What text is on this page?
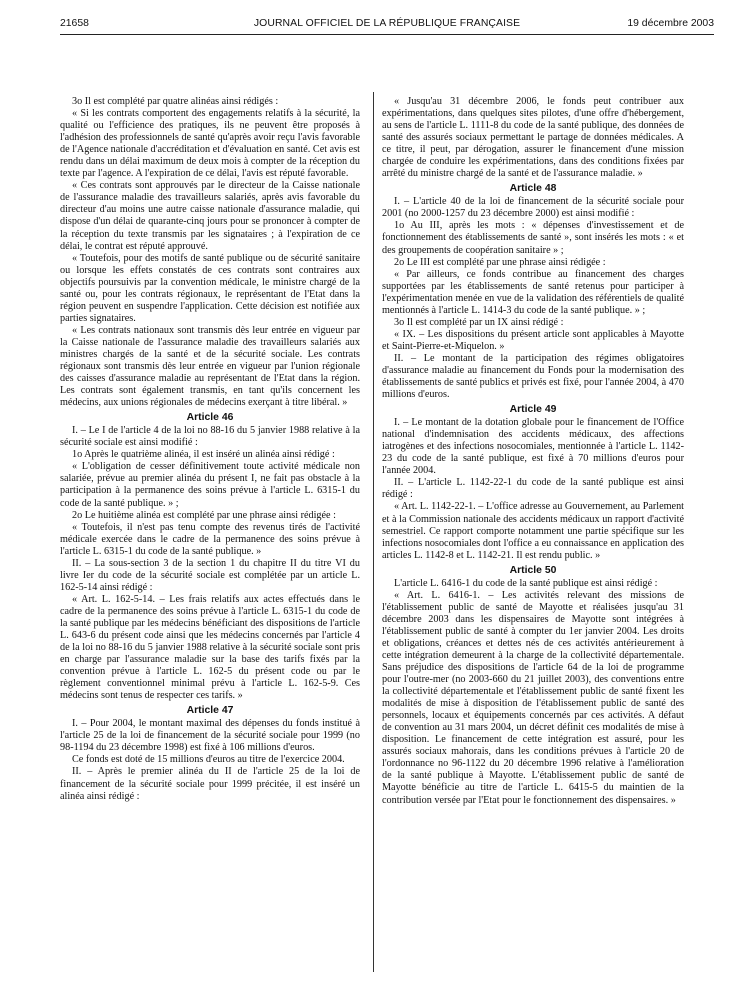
21658	JOURNAL OFFICIEL DE LA RÉPUBLIQUE FRANÇAISE	19 décembre 2003

3o Il est complété par quatre alinéas ainsi rédigés :

« Si les contrats comportent des engagements relatifs à la sécurité, la qualité ou l'efficience des pratiques, ils ne peuvent être proposés à l'adhésion des professionnels de santé qu'après avoir reçu l'avis favorable de l'Agence nationale d'accréditation et d'évaluation en santé. Cet avis est rendu dans un délai maximum de deux mois à compter de la réception du texte par l'agence. A l'expiration de ce délai, l'avis est réputé favorable.

« Ces contrats sont approuvés par le directeur de la Caisse nationale de l'assurance maladie des travailleurs salariés, après avis favorable du directeur d'au moins une autre caisse nationale d'assurance maladie, qui dispose d'un délai de quarante-cinq jours pour se prononcer à compter de la réception du texte transmis par les signataires ; à l'expiration de ce délai, le contrat est réputé approuvé.

« Toutefois, pour des motifs de santé publique ou de sécurité sanitaire ou lorsque les effets constatés de ces contrats sont contraires aux objectifs poursuivis par la convention médicale, le ministre chargé de la santé ou, pour les contrats régionaux, le représentant de l'Etat dans la région peuvent en suspendre l'application. Cette décision est notifiée aux parties signataires.

« Les contrats nationaux sont transmis dès leur entrée en vigueur par la Caisse nationale de l'assurance maladie des travailleurs salariés aux ministres chargés de la santé et de la sécurité sociale. Les contrats régionaux sont transmis dès leur entrée en vigueur par l'union régionale des caisses d'assurance maladie au représentant de l'Etat dans la région. Les contrats sont également transmis, en tant qu'ils concernent les médecins, aux unions régionales de médecins exerçant à titre libéral. »

Article 46

I. – Le I de l'article 4 de la loi no 88-16 du 5 janvier 1988 relative à la sécurité sociale est ainsi modifié :

1o Après le quatrième alinéa, il est inséré un alinéa ainsi rédigé :

« L'obligation de cesser définitivement toute activité médicale non salariée, prévue au premier alinéa du présent I, ne fait pas obstacle à la participation à la permanence des soins prévue à l'article L. 6315-1 du code de la santé publique. » ;

2o Le huitième alinéa est complété par une phrase ainsi rédigée :

« Toutefois, il n'est pas tenu compte des revenus tirés de l'activité médicale exercée dans le cadre de la permanence des soins prévue à l'article L. 6315-1 du code de la santé publique. »

II. – La sous-section 3 de la section 1 du chapitre II du titre VI du livre Ier du code de la sécurité sociale est complétée par un article L. 162-5-14 ainsi rédigé :

« Art. L. 162-5-14. – Les frais relatifs aux actes effectués dans le cadre de la permanence des soins prévue à l'article L. 6315-1 du code de la santé publique par les médecins bénéficiant des dispositions de l'article L. 643-6 du présent code ainsi que les médecins concernés par l'article 4 de la loi no 88-16 du 5 janvier 1988 relative à la sécurité sociale sont pris en charge par l'assurance maladie sur la base des tarifs fixés par la convention prévue à l'article L. 162-5 du présent code ou par le règlement conventionnel minimal prévu à l'article L. 162-5-9. Ces médecins sont tenus de respecter ces tarifs. »

Article 47

I. – Pour 2004, le montant maximal des dépenses du fonds institué à l'article 25 de la loi de financement de la sécurité sociale pour 1999 (no 98-1194 du 23 décembre 1998) est fixé à 106 millions d'euros.

Ce fonds est doté de 15 millions d'euros au titre de l'exercice 2004.

II. – Après le premier alinéa du II de l'article 25 de la loi de financement de la sécurité sociale pour 1999 précitée, il est inséré un alinéa ainsi rédigé :

« Jusqu'au 31 décembre 2006, le fonds peut contribuer aux expérimentations, dans quelques sites pilotes, d'une offre d'hébergement, au sens de l'article L. 1111-8 du code de la santé publique, des données de santé des assurés sociaux permettant le partage de données médicales. A ce titre, il peut, par dérogation, assurer le financement d'une mission chargée de conduire les expérimentations, dans des conditions fixées par arrêté du ministre chargé de la santé et de l'assurance maladie. »

Article 48

I. – L'article 40 de la loi de financement de la sécurité sociale pour 2001 (no 2000-1257 du 23 décembre 2000) est ainsi modifié :

1o Au III, après les mots : « dépenses d'investissement et de fonctionnement des établissements de santé », sont insérés les mots : « et des groupements de coopération sanitaire » ;

2o Le III est complété par une phrase ainsi rédigée :

« Par ailleurs, ce fonds contribue au financement des charges supportées par les établissements de santé retenus pour participer à l'expérimentation menée en vue de la validation des référentiels de qualité mentionnés à l'article L. 1414-3 du code de la santé publique. » ;

3o Il est complété par un IX ainsi rédigé :

« IX. – Les dispositions du présent article sont applicables à Mayotte et Saint-Pierre-et-Miquelon. »

II. – Le montant de la participation des régimes obligatoires d'assurance maladie au financement du Fonds pour la modernisation des établissements de santé publics et privés est fixé, pour l'année 2004, à 470 millions d'euros.

Article 49

I. – Le montant de la dotation globale pour le financement de l'Office national d'indemnisation des accidents médicaux, des affections iatrogènes et des infections nosocomiales, mentionnée à l'article L. 1142-23 du code de la santé publique, est fixé à 70 millions d'euros pour l'année 2004.

II. – L'article L. 1142-22-1 du code de la santé publique est ainsi rédigé :

« Art. L. 1142-22-1. – L'office adresse au Gouvernement, au Parlement et à la Commission nationale des accidents médicaux un rapport d'activité semestriel. Ce rapport comporte notamment une partie spécifique sur les infections nosocomiales dont l'office a eu connaissance en application des articles L. 1142-8 et L. 1142-21. Il est rendu public. »

Article 50

L'article L. 6416-1 du code de la santé publique est ainsi rédigé :

« Art. L. 6416-1. – Les activités relevant des missions de l'établissement public de santé de Mayotte et réalisées jusqu'au 31 décembre 2003 dans les dispensaires de Mayotte sont intégrées à l'établissement public de santé à compter du 1er janvier 2004. Les droits et obligations, créances et dettes nés de ces activités antérieurement à cette intégration demeurent à la charge de la collectivité départementale. Sans préjudice des dispositions de l'article 64 de la loi de programme pour l'outre-mer (no 2003-660 du 21 juillet 2003), des conventions entre la collectivité départementale et l'établissement public de santé fixent les modalités de mise à disposition de l'établissement public de santé des personnels, locaux et équipements concernés par ces activités. A défaut de convention au 31 mars 2004, un décret définit ces modalités de mise à disposition. Le financement de cette intégration est assuré, pour les assurés sociaux mahorais, dans les conditions prévues à l'article 20 de l'ordonnance no 96-1122 du 20 décembre 1996 relative à l'amélioration de la santé publique à Mayotte. L'établissement public de santé de Mayotte bénéficie au titre de l'article L. 6415-5 du maintien de la contribution versée par l'Etat pour le fonctionnement des dispensaires. »
